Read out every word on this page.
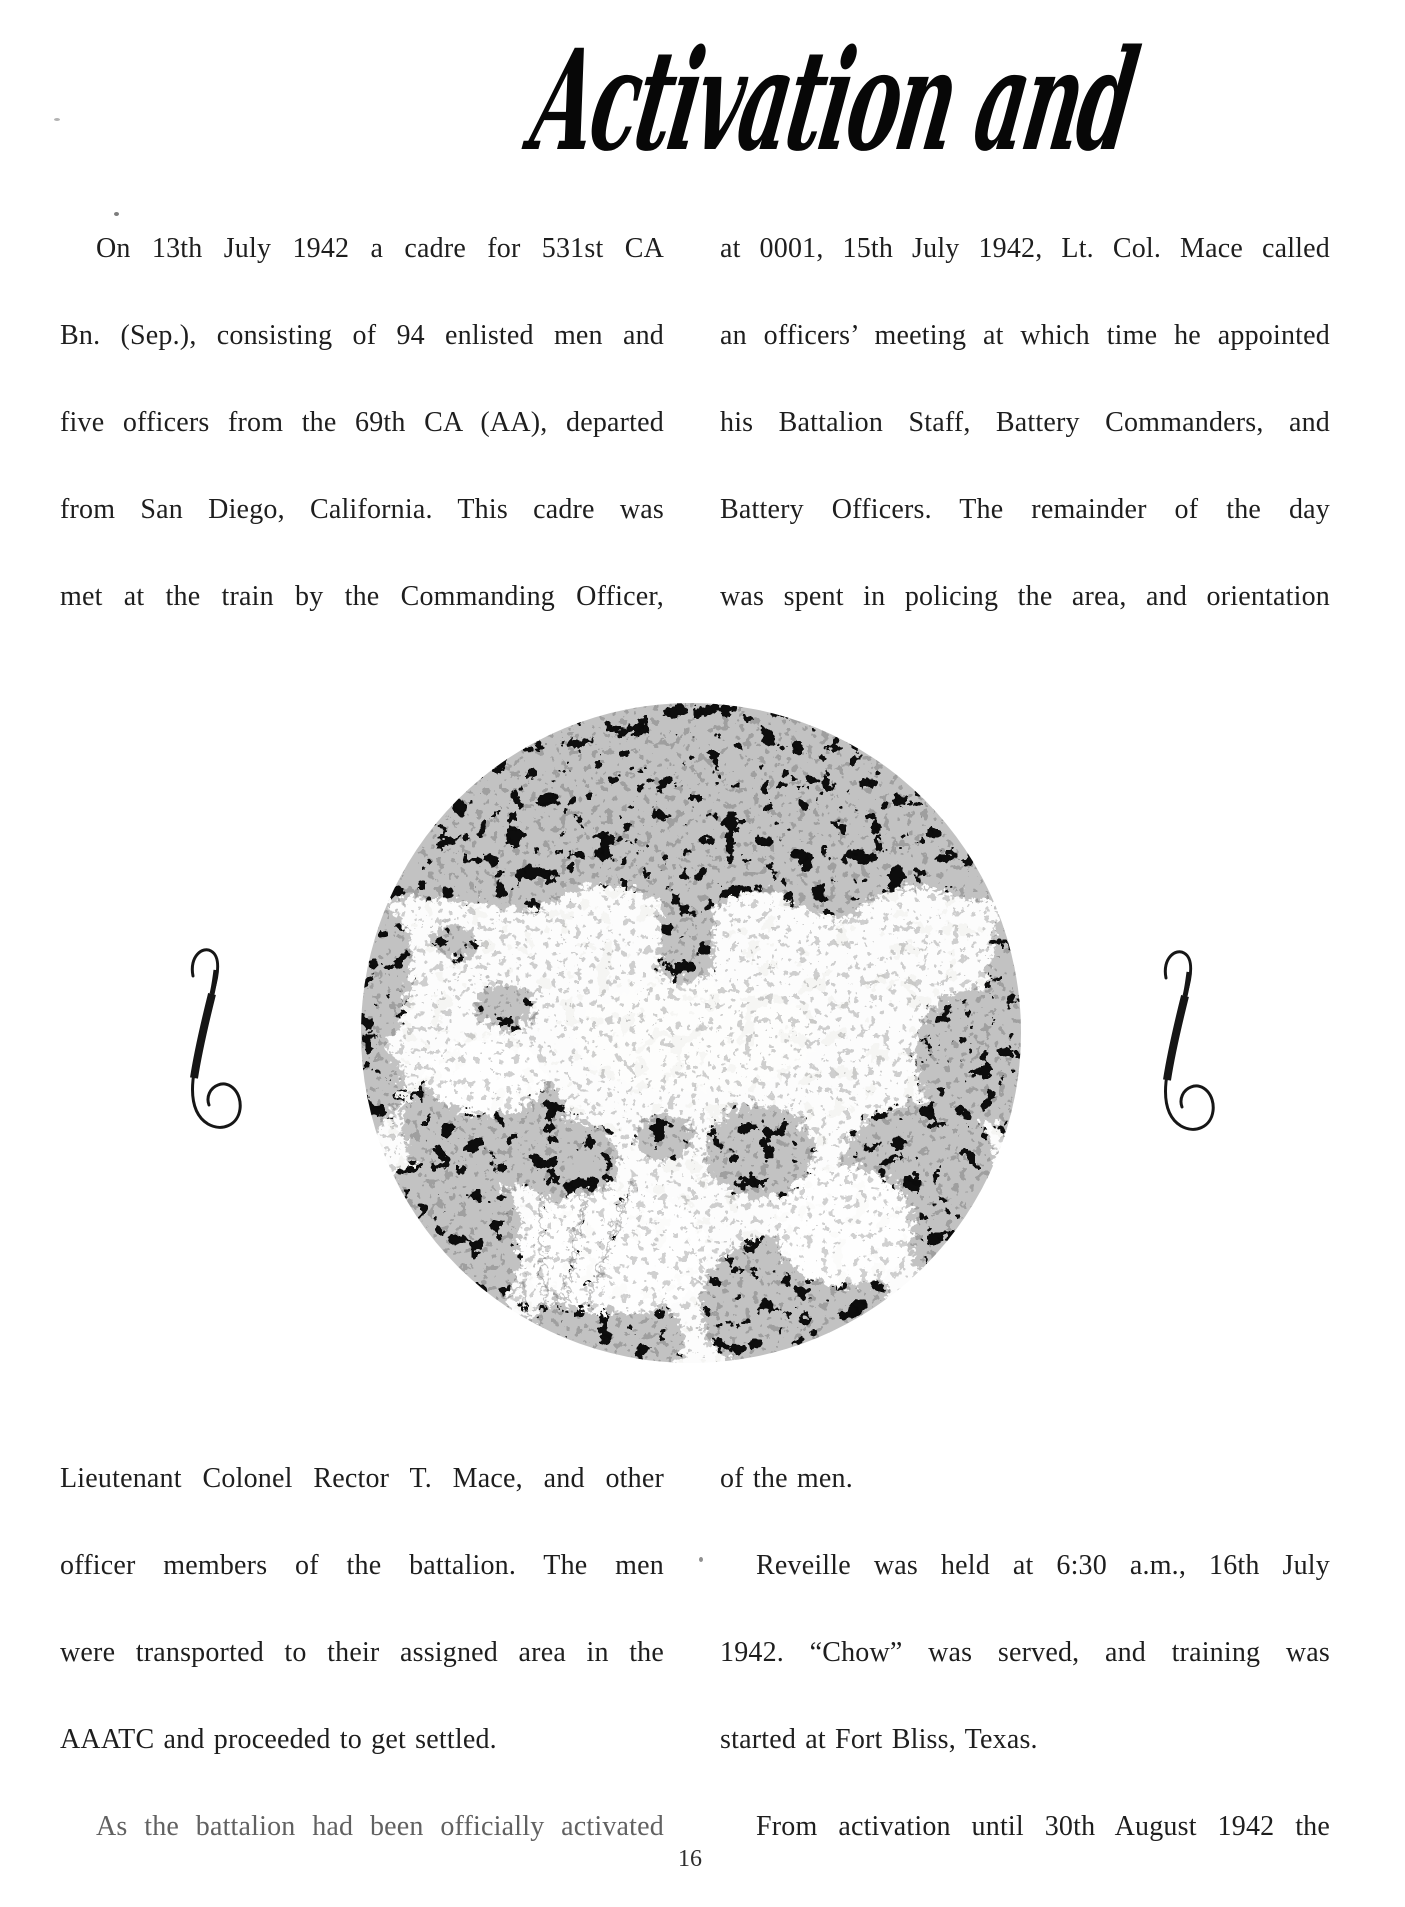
Activation and
On 13th July 1942 a cadre for 531st CA
Bn. (Sep.), consisting of 94 enlisted men and
five officers from the 69th CA (AA), departed
from San Diego, California. This cadre was
met at the train by the Commanding Officer,
at 0001, 15th July 1942, Lt. Col. Mace called
an officers’ meeting at which time he appointed
his Battalion Staff, Battery Commanders, and
Battery Officers. The remainder of the day
was spent in policing the area, and orientation
Lieutenant Colonel Rector T. Mace, and other
officer members of the battalion. The men
were transported to their assigned area in the
AAATC and proceeded to get settled.
As the battalion had been officially activated
of the men.
Reveille was held at 6:30 a.m., 16th July
1942. “Chow” was served, and training was
started at Fort Bliss, Texas.
From activation until 30th August 1942 the
16
